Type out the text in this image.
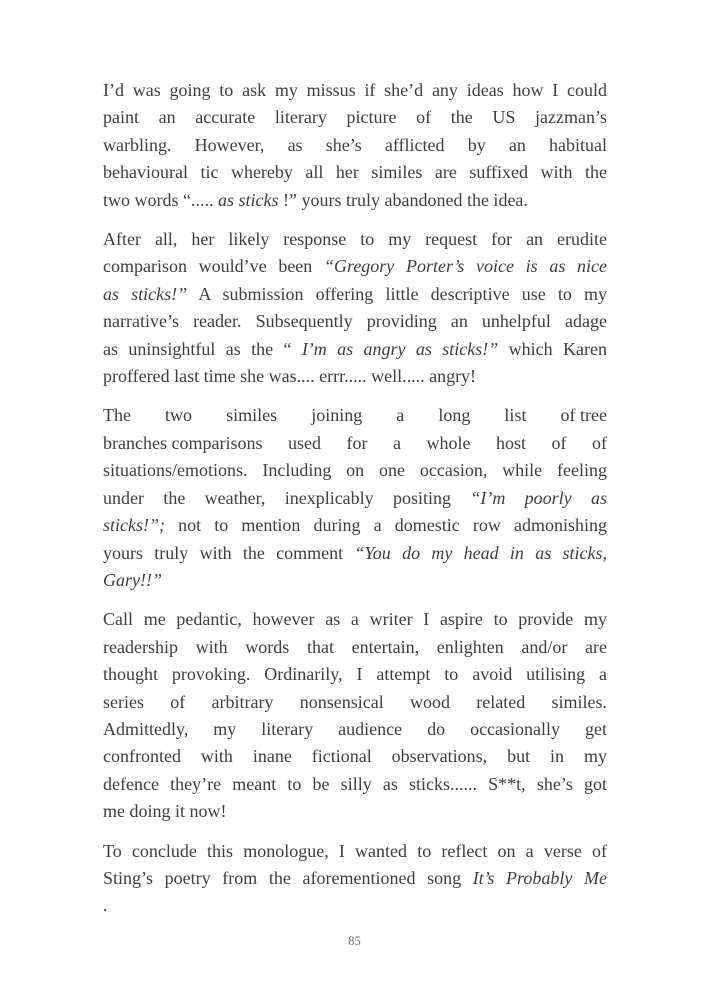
I’d was going to ask my missus if she’d any ideas how I could
paint an accurate literary picture of the US jazzman’s
warbling. However, as she’s afflicted by an habitual
behavioural tic whereby all her similes are suffixed with the
two words “..... as sticks !” yours truly abandoned the idea.
After all, her likely response to my request for an erudite
comparison would’ve been “Gregory Porter’s voice is as nice
as sticks!” A submission offering little descriptive use to my
narrative’s reader. Subsequently providing an unhelpful adage
as uninsightful as the “ I’m as angry as sticks!” which Karen
proffered last time she was.... errr..... well..... angry!
The two similes joining a long list of tree
branches comparisons used for a whole host of of
situations/emotions. Including on one occasion, while feeling
under the weather, inexplicably positing “I’m poorly as
sticks!”; not to mention during a domestic row admonishing
yours truly with the comment “You do my head in as sticks,
Gary!!”
Call me pedantic, however as a writer I aspire to provide my
readership with words that entertain, enlighten and/or are
thought provoking. Ordinarily, I attempt to avoid utilising a
series of arbitrary nonsensical wood related similes.
Admittedly, my literary audience do occasionally get
confronted with inane fictional observations, but in my
defence they’re meant to be silly as sticks...... S**t, she’s got
me doing it now!
To conclude this monologue, I wanted to reflect on a verse of
Sting’s poetry from the aforementioned song It’s Probably Me
.
85
